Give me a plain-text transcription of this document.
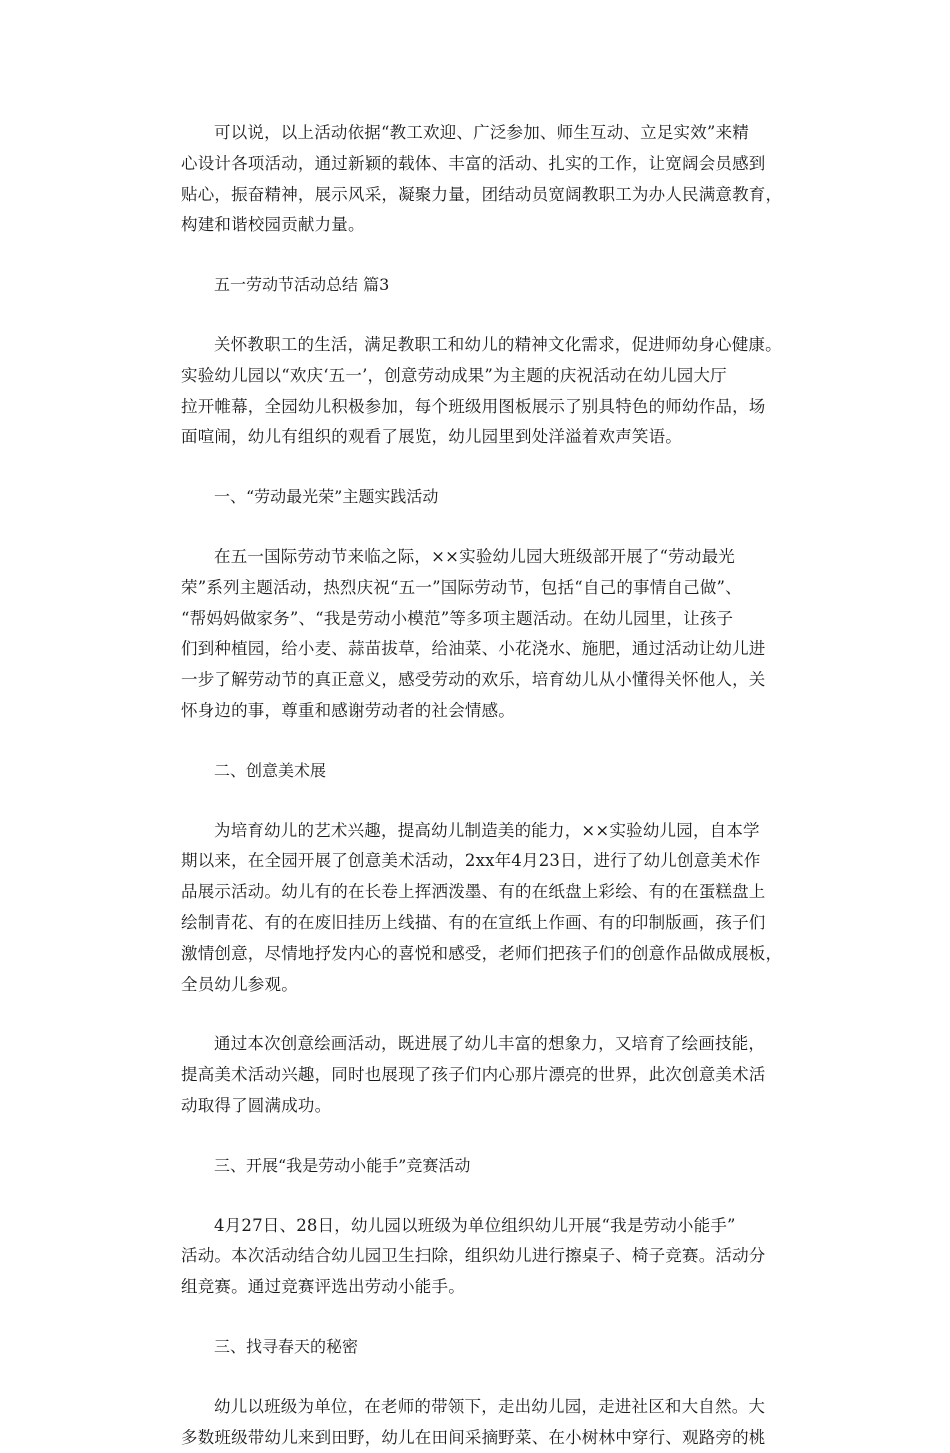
可以说，以上活动依据“教工欢迎、广泛参加、师生互动、立足实效”来精
心设计各项活动，通过新颖的载体、丰富的活动、扎实的工作，让宽阔会员感到
贴心，振奋精神，展示风采，凝聚力量，团结动员宽阔教职工为办人民满意教育，
构建和谐校园贡献力量。
五一劳动节活动总结 篇3
关怀教职工的生活，满足教职工和幼儿的精神文化需求，促进师幼身心健康。
实验幼儿园以“欢庆‘五一’，创意劳动成果”为主题的庆祝活动在幼儿园大厅
拉开帷幕，全园幼儿积极参加，每个班级用图板展示了别具特色的师幼作品，场
面喧闹，幼儿有组织的观看了展览，幼儿园里到处洋溢着欢声笑语。
一、“劳动最光荣”主题实践活动
在五一国际劳动节来临之际，××实验幼儿园大班级部开展了“劳动最光
荣”系列主题活动，热烈庆祝“五一”国际劳动节，包括“自己的事情自己做”、
“帮妈妈做家务”、“我是劳动小模范”等多项主题活动。在幼儿园里，让孩子
们到种植园，给小麦、蒜苗拔草，给油菜、小花浇水、施肥，通过活动让幼儿进
一步了解劳动节的真正意义，感受劳动的欢乐，培育幼儿从小懂得关怀他人，关
怀身边的事，尊重和感谢劳动者的社会情感。
二、创意美术展
为培育幼儿的艺术兴趣，提高幼儿制造美的能力，××实验幼儿园，自本学
期以来，在全园开展了创意美术活动，2xx年4月23日，进行了幼儿创意美术作
品展示活动。幼儿有的在长卷上挥洒泼墨、有的在纸盘上彩绘、有的在蛋糕盘上
绘制青花、有的在废旧挂历上线描、有的在宣纸上作画、有的印制版画，孩子们
激情创意，尽情地抒发内心的喜悦和感受，老师们把孩子们的创意作品做成展板，
全员幼儿参观。
通过本次创意绘画活动，既进展了幼儿丰富的想象力，又培育了绘画技能，
提高美术活动兴趣，同时也展现了孩子们内心那片漂亮的世界，此次创意美术活
动取得了圆满成功。
三、开展“我是劳动小能手”竞赛活动
4月27日、28日，幼儿园以班级为单位组织幼儿开展“我是劳动小能手”
活动。本次活动结合幼儿园卫生扫除，组织幼儿进行擦桌子、椅子竞赛。活动分
组竞赛。通过竞赛评选出劳动小能手。
三、找寻春天的秘密
幼儿以班级为单位，在老师的带领下，走出幼儿园，走进社区和大自然。大
多数班级带幼儿来到田野，幼儿在田间采摘野菜、在小树林中穿行、观路旁的桃
